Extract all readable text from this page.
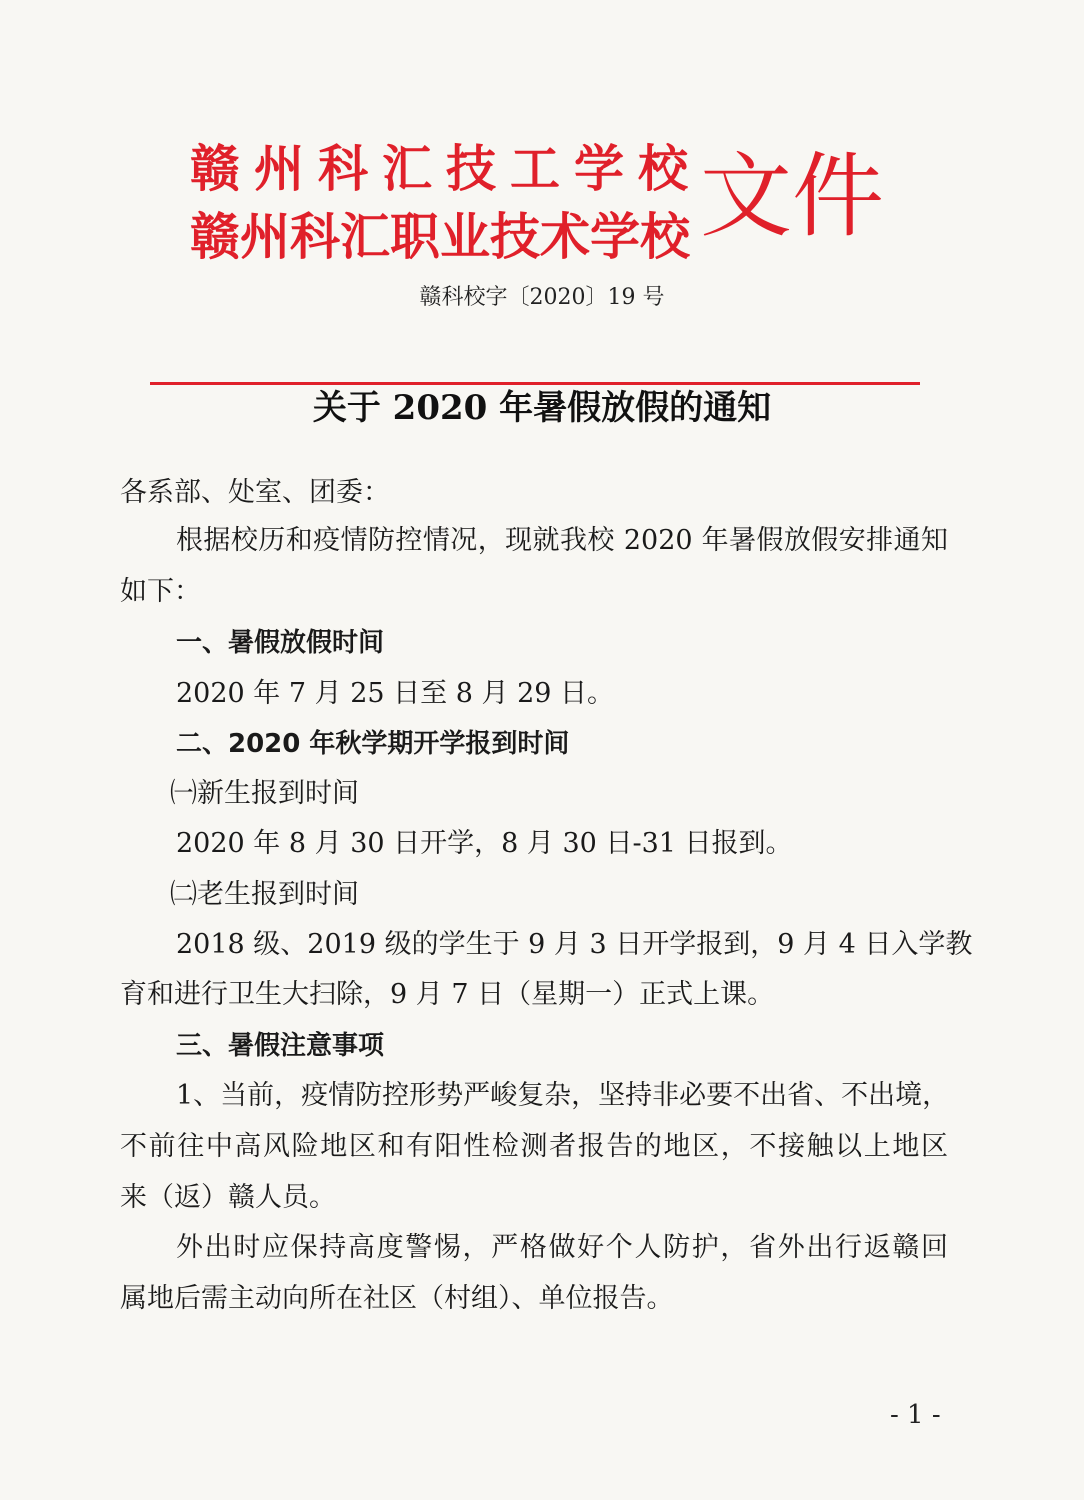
赣州科汇技工学校
赣州科汇职业技术学校 文件
赣科校字〔2020〕19 号
关于 2020 年暑假放假的通知
各系部、处室、团委：
根据校历和疫情防控情况，现就我校 2020 年暑假放假安排通知
如下：
一、暑假放假时间
2020 年 7 月 25 日至 8 月 29 日。
二、2020 年秋学期开学报到时间
㈠新生报到时间
2020 年 8 月 30 日开学，8 月 30 日-31 日报到。
㈡老生报到时间
2018 级、2019 级的学生于 9 月 3 日开学报到，9 月 4 日入学教
育和进行卫生大扫除，9 月 7 日（星期一）正式上课。
三、暑假注意事项
1、当前，疫情防控形势严峻复杂，坚持非必要不出省、不出境，
不前往中高风险地区和有阳性检测者报告的地区，不接触以上地区
来（返）赣人员。
外出时应保持高度警惕，严格做好个人防护，省外出行返赣回
属地后需主动向所在社区（村组）、单位报告。
- 1 -
